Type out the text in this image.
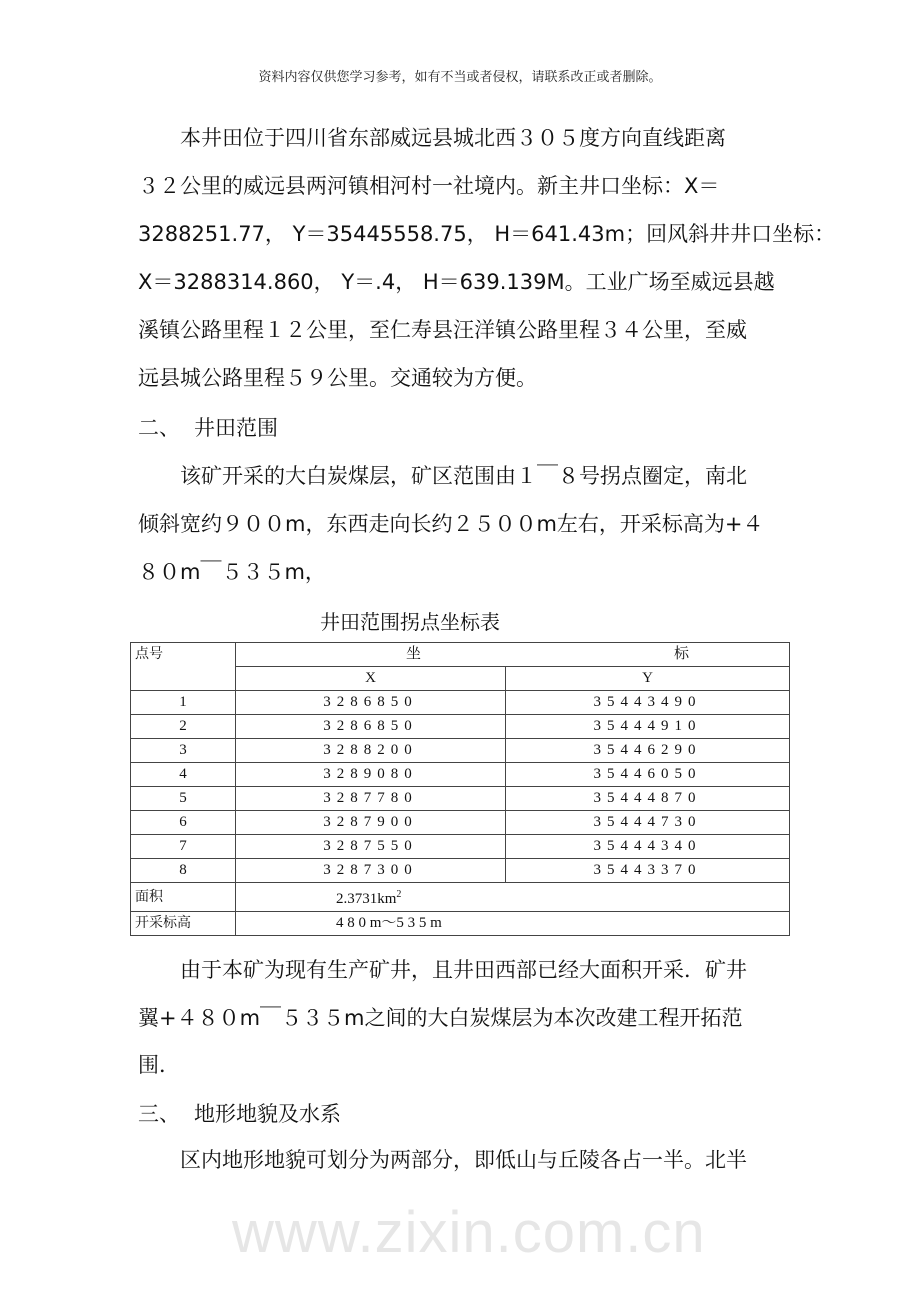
资料内容仅供您学习参考，如有不当或者侵权，请联系改正或者删除。
本井田位于四川省东部威远县城北西３０５度方向直线距离
３２公里的威远县两河镇相河村一社境内。新主井口坐标：X＝
3288251.77， Y＝35445558.75， H＝641.43m；回风斜井井口坐标：
X＝3288314.860， Y＝.4， H＝639.139M。工业广场至威远县越
溪镇公路里程１２公里，至仁寿县汪洋镇公路里程３４公里，至威
远县城公路里程５９公里。交通较为方便。
二、 井田范围
该矿开采的大白炭煤层，矿区范围由１￣８号拐点圈定，南北
倾斜宽约９００m，东西走向长约２５００m左右，开采标高为+４
８０m￣５３５m，
井田范围拐点坐标表
点号	坐 标	

	X	Y
1	3286850	35443490
2	3286850	35444910
3	3288200	35446290
4	3289080	35446050
5	3287780	35444870
6	3287900	35444730
7	3287550	35444340
8	3287300	35443370
面积	$2.3731km^2$
开采标高	4 8 0 m～5 3 5 m	
由于本矿为现有生产矿井，且井田西部已经大面积开采．矿井
翼+４８０m￣５３５m之间的大白炭煤层为本次改建工程开拓范
围．
三、 地形地貌及水系
区内地形地貌可划分为两部分，即低山与丘陵各占一半。北半
www.zixin.com.cn
